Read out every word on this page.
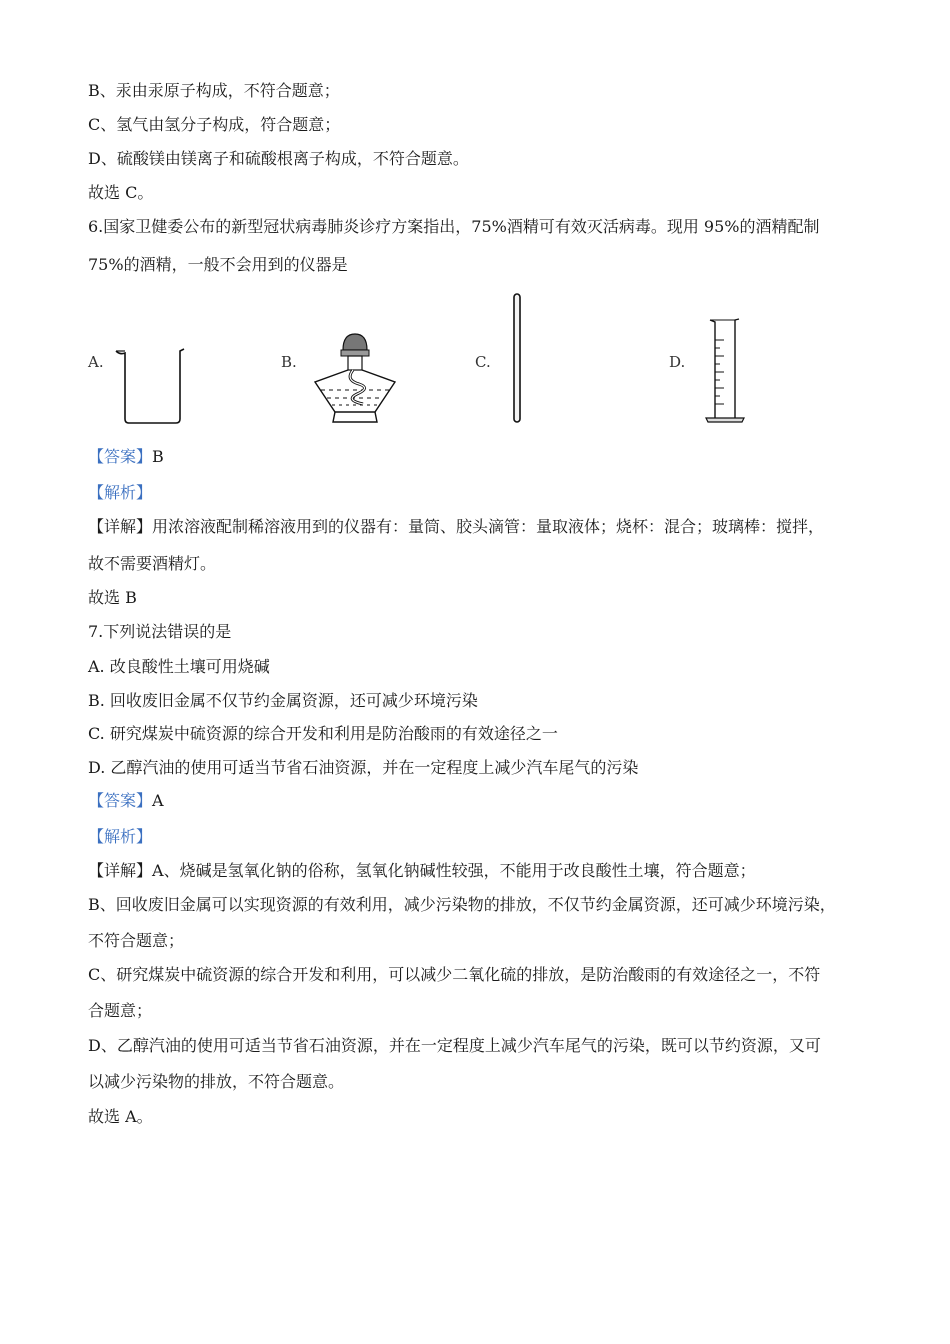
B、汞由汞原子构成，不符合题意；
C、氢气由氢分子构成，符合题意；
D、硫酸镁由镁离子和硫酸根离子构成，不符合题意。
故选 C。
6.国家卫健委公布的新型冠状病毒肺炎诊疗方案指出，75%酒精可有效灭活病毒。现用 95%的酒精配制
75%的酒精，一般不会用到的仪器是
A.	B.	C.	D.
【答案】B
【解析】
【详解】用浓溶液配制稀溶液用到的仪器有：量筒、胶头滴管：量取液体；烧杯：混合；玻璃棒：搅拌，
故不需要酒精灯。
故选 B
7.下列说法错误的是
A. 改良酸性土壤可用烧碱
B. 回收废旧金属不仅节约金属资源，还可减少环境污染
C. 研究煤炭中硫资源的综合开发和利用是防治酸雨的有效途径之一
D. 乙醇汽油的使用可适当节省石油资源，并在一定程度上减少汽车尾气的污染
【答案】A
【解析】
【详解】A、烧碱是氢氧化钠的俗称，氢氧化钠碱性较强，不能用于改良酸性土壤，符合题意；
B、回收废旧金属可以实现资源的有效利用，减少污染物的排放，不仅节约金属资源，还可减少环境污染，
不符合题意；
C、研究煤炭中硫资源的综合开发和利用，可以减少二氧化硫的排放，是防治酸雨的有效途径之一，不符
合题意；
D、乙醇汽油的使用可适当节省石油资源，并在一定程度上减少汽车尾气的污染，既可以节约资源，又可
以减少污染物的排放，不符合题意。
故选 A。
